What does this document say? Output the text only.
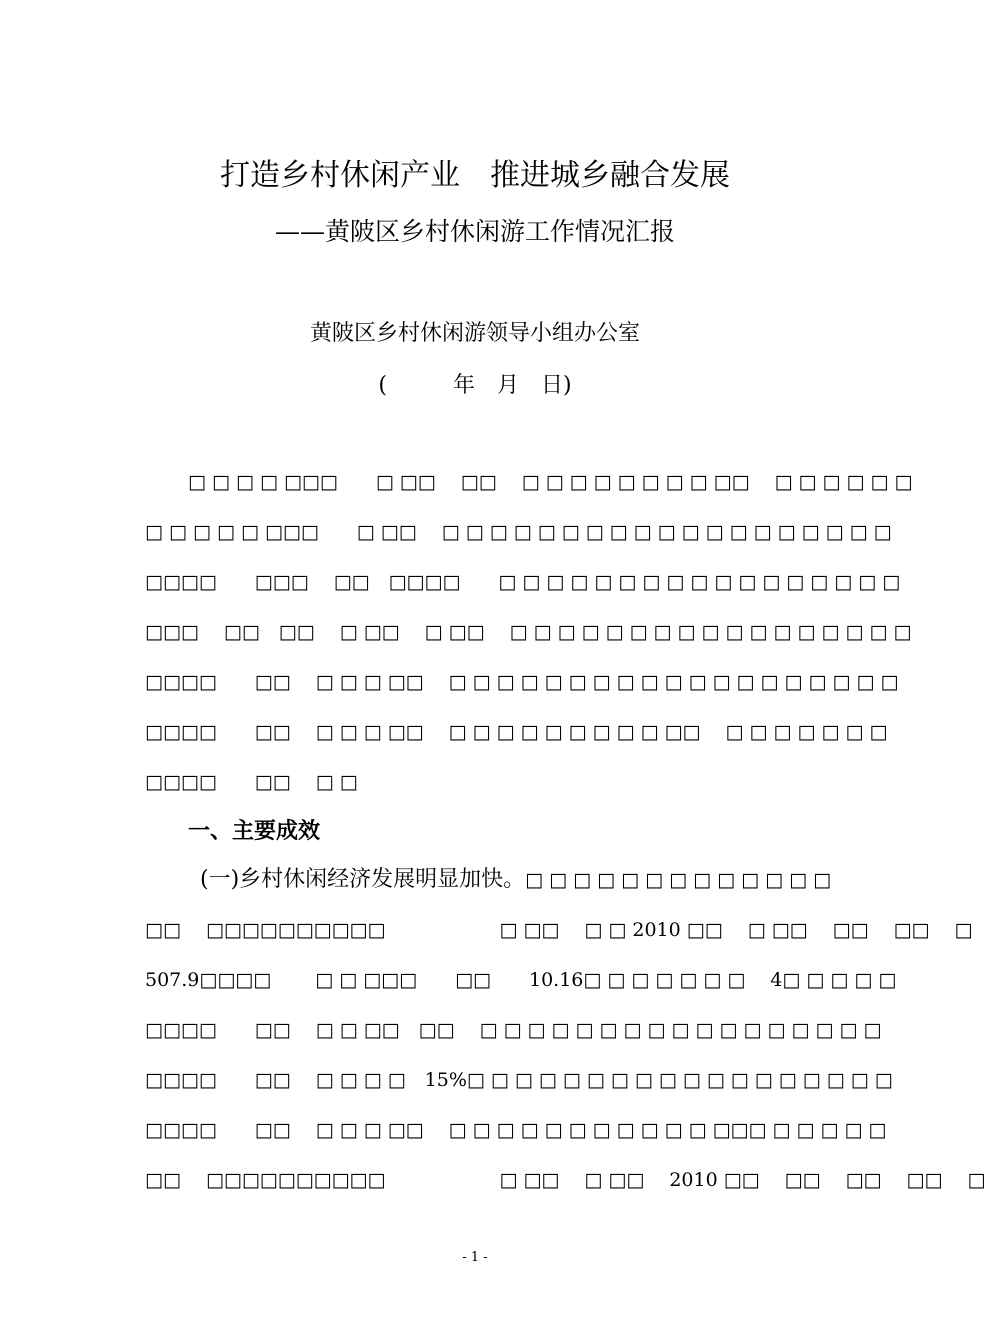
打造乡村休闲产业　推进城乡融合发展
——黄陂区乡村休闲游工作情况汇报
黄陂区乡村休闲游领导小组办公室
(　　　年　月　日)
□ □ □ □ □□□　　□ □□　 □□　 □ □ □ □ □ □ □ □ □□　 □ □ □ □ □ □
□ □ □ □ □ □□□　　□ □□　 □ □ □ □ □ □ □ □ □ □ □ □ □ □ □ □ □ □ □
□□□□　　□□□　 □□　□□□□　　□ □ □ □ □ □ □ □ □ □ □ □ □ □ □ □ □
□□□　 □□　□□　 □ □□　 □ □□　 □ □ □ □ □ □ □ □ □ □ □ □ □ □ □ □ □
□□□□　　□□　 □ □ □ □□　 □ □ □ □ □ □ □ □ □ □ □ □ □ □ □ □ □ □ □
□□□□　　□□　 □ □ □ □□　 □ □ □ □ □ □ □ □ □ □□　 □ □ □ □ □ □ □
□□□□　　□□　 □ □
一、主要成效
(一)乡村休闲经济发展明显加快。□ □ □ □ □ □ □ □ □ □ □ □ □
□□　 □□□□□□□□□□　　　　　　□ □□　 □ □ 2010 □□　 □ □□　 □□　 □□　 □
507.9□□□□　　 □ □ □□□　　□□　　10.16□ □ □ □ □ □ □　 4□ □ □ □ □
□□□□　　□□　 □ □ □□　□□　 □ □ □ □ □ □ □ □ □ □ □ □ □ □ □ □ □
□□□□　　□□　 □ □ □ □　15%□ □ □ □ □ □ □ □ □ □ □ □ □ □ □ □ □ □
□□□□　　□□　 □ □ □ □□　 □ □ □ □ □ □ □ □ □ □ □ □□□ □ □ □ □ □
□□　 □□□□□□□□□□　　　　　　□ □□　 □ □□　 2010 □□　 □□　 □□　 □□　 □
- 1 -
